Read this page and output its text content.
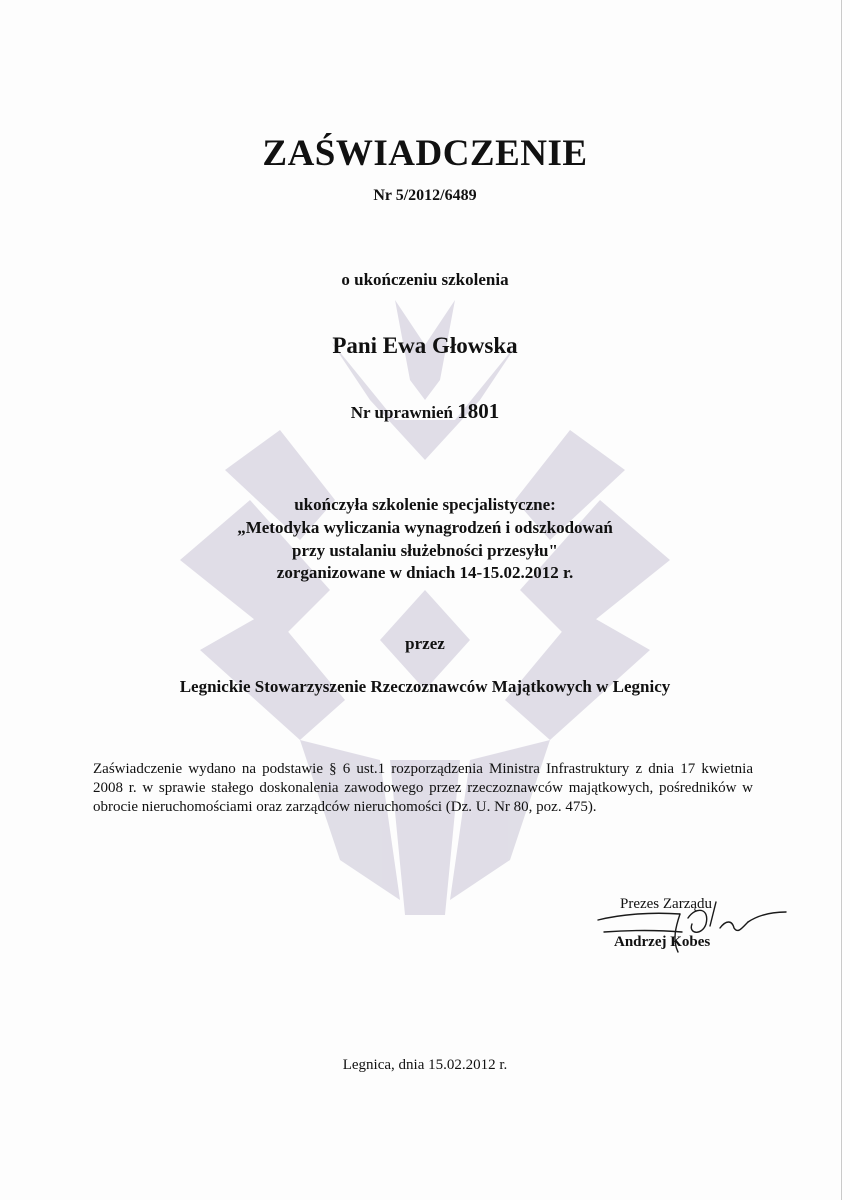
ZAŚWIADCZENIE
Nr 5/2012/6489
o ukończeniu szkolenia
Pani Ewa Głowska
Nr uprawnień 1801
ukończyła szkolenie specjalistyczne:
„Metodyka wyliczania wynagrodzeń i odszkodowań
przy ustalaniu służebności przesyłu"
zorganizowane w dniach 14-15.02.2012 r.
przez
Legnickie Stowarzyszenie Rzeczoznawców Majątkowych w Legnicy
Zaświadczenie wydano na podstawie § 6 ust.1 rozporządzenia Ministra Infrastruktury z dnia 17 kwietnia 2008 r. w sprawie stałego doskonalenia zawodowego przez rzeczoznawców majątkowych, pośredników w obrocie nieruchomościami oraz zarządców nieruchomości (Dz. U. Nr 80, poz. 475).
Prezes Zarządu
Andrzej Kobes
Legnica, dnia 15.02.2012 r.
